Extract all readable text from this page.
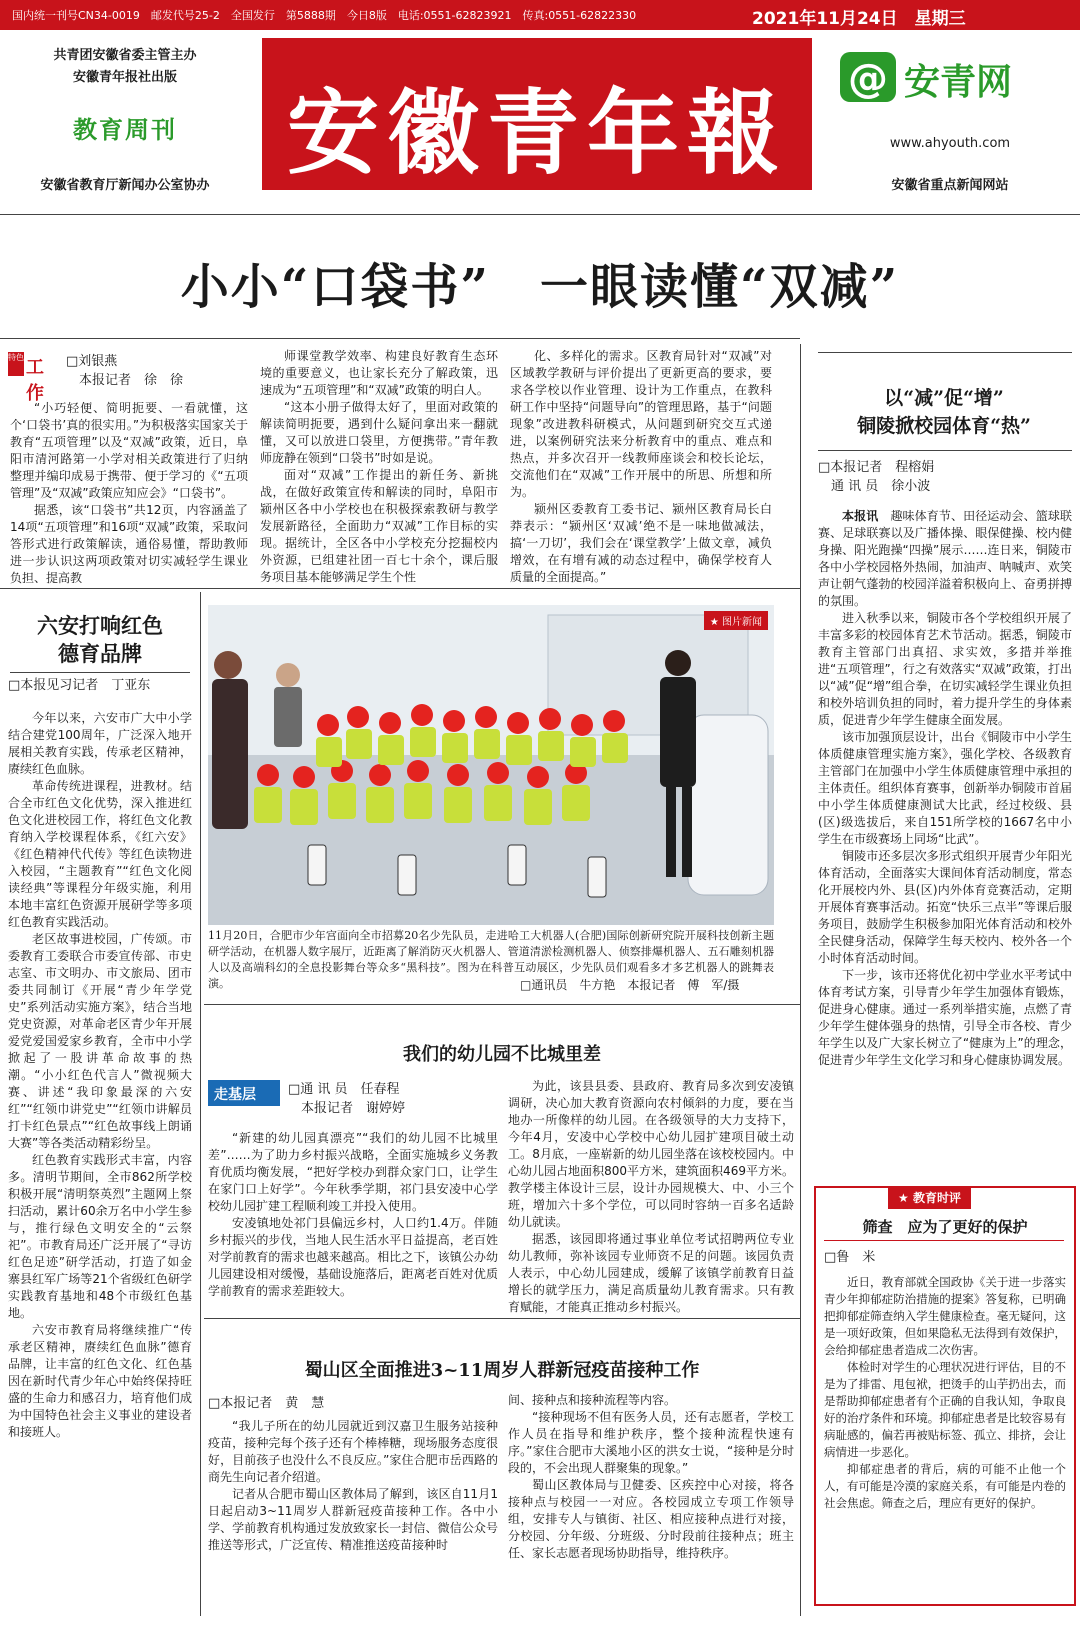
国内统一刊号CN34-0019　邮发代号25-2　全国发行　第5888期　今日8版　电话:0551-62823921　传真:0551-62822330	2021年11月24日　星期三
共青团安徽省委主管主办
安徽青年报社出版
教育周刊
安徽省教育厅新闻办公室协办 安徽青年報	@ 安青网
www.ahyouth.com
安徽省重点新闻网站
小小“口袋书”　一眼读懂“双减”
特色 工作
□刘银燕
　本报记者　徐　徐

“小巧轻便、简明扼要、一看就懂，这个‘口袋书’真的很实用。”为积极落实国家关于教育“五项管理”以及“双减”政策，近日，阜阳市清河路第一小学对相关政策进行了归纳整理并编印成易于携带、便于学习的《“五项管理”及“双减”政策应知应会》“口袋书”。

据悉，该“口袋书”共12页，内容涵盖了14项“五项管理”和16项“双减”政策，采取问答形式进行政策解读，通俗易懂，帮助教师进一步认识这两项政策对切实减轻学生课业负担、提高教

师课堂教学效率、构建良好教育生态环境的重要意义，也让家长充分了解政策，迅速成为“五项管理”和“双减”政策的明白人。

“这本小册子做得太好了，里面对政策的解读简明扼要，遇到什么疑问拿出来一翻就懂，又可以放进口袋里，方便携带。”青年教师庞静在领到“口袋书”时如是说。

面对“双减”工作提出的新任务、新挑战，在做好政策宣传和解读的同时，阜阳市颍州区各中小学校也在积极探索教研与教学发展新路径，全面助力“双减”工作目标的实现。据统计，全区各中小学校充分挖掘校内外资源，已组建社团一百七十余个，课后服务项目基本能够满足学生个性

化、多样化的需求。区教育局针对“双减”对区域教学教研与评价提出了更新更高的要求，要求各学校以作业管理、设计为工作重点，在教科研工作中坚持“问题导向”的管理思路，基于“问题现象”改进教科研模式，从问题到研究交互式递进，以案例研究法来分析教育中的重点、难点和热点，并多次召开一线教师座谈会和校长论坛，交流他们在“双减”工作开展中的所思、所想和所为。

颍州区委教育工委书记、颍州区教育局长白莽表示：“颍州区‘双减’绝不是一味地做减法，搞‘一刀切’，我们会在‘课堂教学’上做文章，减负增效，在有增有减的动态过程中，确保学校育人质量的全面提高。”

六安打响红色
德育品牌
□本报见习记者　丁亚东

今年以来，六安市广大中小学结合建党100周年，广泛深入地开展相关教育实践，传承老区精神，赓续红色血脉。

革命传统进课程，进教材。结合全市红色文化优势，深入推进红色文化进校园工作，将红色文化教育纳入学校课程体系，《红六安》《红色精神代代传》等红色读物进入校园，“主题教育”“红色文化阅读经典”等课程分年级实施，利用本地丰富红色资源开展研学等多项红色教育实践活动。

老区故事进校园，广传颂。市委教育工委联合市委宣传部、市史志室、市文明办、市文旅局、团市委共同制订《开展“青少年学党史”系列活动实施方案》，结合当地党史资源，对革命老区青少年开展爱党爱国爱家乡教育，全市中小学掀起了一股讲革命故事的热潮。“小小红色代言人”微视频大赛、讲述“我印象最深的六安红”“红领巾讲党史”“红领巾讲解员打卡红色景点”“红色故事线上朗诵大赛”等各类活动精彩纷呈。

红色教育实践形式丰富，内容多。清明节期间，全市862所学校积极开展“清明祭英烈”主题网上祭扫活动，累计60余万名中小学生参与，推行绿色文明安全的“云祭祀”。市教育局还广泛开展了“寻访红色足迹”研学活动，打造了如金寨县红军广场等21个省级红色研学实践教育基地和48个市级红色基地。

六安市教育局将继续推广“传承老区精神，赓续红色血脉”德育品牌，让丰富的红色文化、红色基因在新时代青少年心中始终保持旺盛的生命力和感召力，培育他们成为中国特色社会主义事业的建设者和接班人。

★ 图片新闻
11月20日，合肥市少年宫面向全市招募20名少先队员，走进哈工大机器人(合肥)国际创新研究院开展科技创新主题研学活动，在机器人数字展厅，近距离了解消防灭火机器人、管道清淤检测机器人、侦察排爆机器人、五石雕刻机器人以及高端科幻的全息投影舞台等众多“黑科技”。图为在科普互动展区，少先队员们观看多才多艺机器人的跳舞表演。	□通讯员　牛方艳　本报记者　傅　军/摄
我们的幼儿园不比城里差
走基层 □通 讯 员　任春程
　本报记者　谢婷婷

“新建的幼儿园真漂亮”“我们的幼儿园不比城里差”……为了助力乡村振兴战略，全面实施城乡义务教育优质均衡发展，“把好学校办到群众家门口，让学生在家门口上好学”。今年秋季学期，祁门县安凌中心学校幼儿园扩建工程顺利竣工并投入使用。

安凌镇地处祁门县偏远乡村，人口约1.4万。伴随乡村振兴的步伐，当地人民生活水平日益提高，老百姓对学前教育的需求也越来越高。相比之下，该镇公办幼儿园建设相对缓慢，基础设施落后，距离老百姓对优质学前教育的需求差距较大。

为此，该县县委、县政府、教育局多次到安凌镇调研，决心加大教育资源向农村倾斜的力度，要在当地办一所像样的幼儿园。在各级领导的大力支持下，今年4月，安凌中心学校中心幼儿园扩建项目破土动工。8月底，一座崭新的幼儿园坐落在该校校园内。中心幼儿园占地面积800平方米，建筑面积469平方米。教学楼主体设计三层，设计办园规模大、中、小三个班，增加六十多个学位，可以同时容纳一百多名适龄幼儿就读。

据悉，该园即将通过事业单位考试招聘两位专业幼儿教师，弥补该园专业师资不足的问题。该园负责人表示，中心幼儿园建成，缓解了该镇学前教育日益增长的就学压力，满足高质量幼儿教育需求。只有教育赋能，才能真正推动乡村振兴。

蜀山区全面推进3~11周岁人群新冠疫苗接种工作
□本报记者　黄　慧

“我儿子所在的幼儿园就近到汉嘉卫生服务站接种疫苗，接种完每个孩子还有个棒棒糖，现场服务态度很好，目前孩子也没什么不良反应。”家住合肥市岳西路的商先生向记者介绍道。

记者从合肥市蜀山区教体局了解到，该区自11月1日起启动3~11周岁人群新冠疫苗接种工作。各中小学、学前教育机构通过发放致家长一封信、微信公众号推送等形式，广泛宣传、精准推送疫苗接种时

间、接种点和接种流程等内容。

“接种现场不但有医务人员，还有志愿者，学校工作人员在指导和维护秩序，整个接种流程快速有序。”家住合肥市大溪地小区的洪女士说，“接种是分时段的，不会出现人群聚集的现象。”

蜀山区教体局与卫健委、区疾控中心对接，将各接种点与校园一一对应。各校园成立专项工作领导组，安排专人与镇街、社区、相应接种点进行对接，分校园、分年级、分班级、分时段前往接种点；班主任、家长志愿者现场协助指导，维持秩序。

以“减”促“增”
铜陵掀校园体育“热”
□本报记者　程榕娟
　通 讯 员　徐小波

本报讯　 趣味体育节、田径运动会、篮球联赛、足球联赛以及广播体操、眼保健操、校内健身操、阳光跑操“四操”展示……连日来，铜陵市各中小学校园格外热闹，加油声、呐喊声、欢笑声让朝气蓬勃的校园洋溢着积极向上、奋勇拼搏的氛围。

进入秋季以来，铜陵市各个学校组织开展了丰富多彩的校园体育艺术节活动。据悉，铜陵市教育主管部门出真招、求实效，多措并举推进“五项管理”，行之有效落实“双减”政策，打出以“减”促“增”组合拳，在切实减轻学生课业负担和校外培训负担的同时，着力提升学生的身体素质，促进青少年学生健康全面发展。

该市加强顶层设计，出台《铜陵市中小学生体质健康管理实施方案》，强化学校、各级教育主管部门在加强中小学生体质健康管理中承担的主体责任。组织体育赛事，创新举办铜陵市首届中小学生体质健康测试大比武，经过校级、县(区)级选拔后，来自151所学校的1667名中小学生在市级赛场上同场“比武”。

铜陵市还多层次多形式组织开展青少年阳光体育活动，全面落实大课间体育活动制度，常态化开展校内外、县(区)内外体育竞赛活动，定期开展体育赛事活动。拓宽“快乐三点半”等课后服务项目，鼓励学生积极参加阳光体育活动和校外全民健身活动，保障学生每天校内、校外各一个小时体育活动时间。

下一步，该市还将优化初中学业水平考试中体育考试方案，引导青少年学生加强体育锻炼，促进身心健康。通过一系列举措实施，点燃了青少年学生健体强身的热情，引导全市各校、青少年学生以及广大家长树立了“健康为上”的理念，促进青少年学生文化学习和身心健康协调发展。

★ 教育时评
筛查　应为了更好的保护
□鲁　米

近日，教育部就全国政协《关于进一步落实青少年抑郁症防治措施的提案》答复称，已明确把抑郁症筛查纳入学生健康检查。毫无疑问，这是一项好政策，但如果隐私无法得到有效保护，会给抑郁症患者造成二次伤害。

体检时对学生的心理状况进行评估，目的不是为了排雷、甩包袱，把烫手的山芋扔出去，而是帮助抑郁症患者有个正确的自我认知，争取良好的治疗条件和环境。抑郁症患者是比较容易有病耻感的，偏若再被贴标签、孤立、排挤，会让病情进一步恶化。

抑郁症患者的背后，病的可能不止他一个人，有可能是冷漠的家庭关系，有可能是内卷的社会焦虑。筛查之后，理应有更好的保护。
